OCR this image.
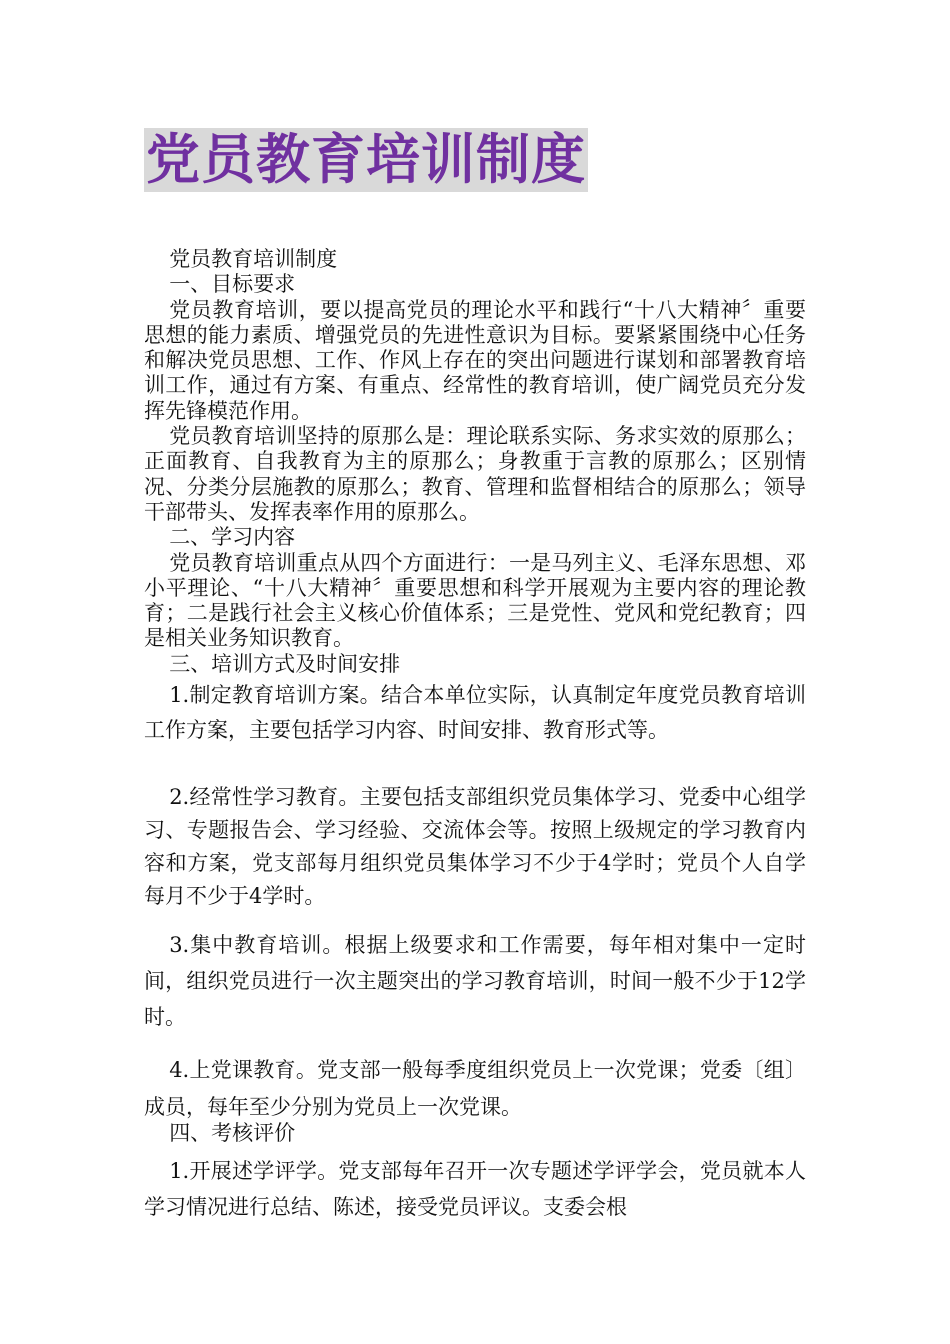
党员教育培训制度

党员教育培训制度

一、目标要求

党员教育培训，要以提高党员的理论水平和践行“十八大精神〞重要思想的能力素质、增强党员的先进性意识为目标。要紧紧围绕中心任务和解决党员思想、工作、作风上存在的突出问题进行谋划和部署教育培训工作，通过有方案、有重点、经常性的教育培训，使广阔党员充分发挥先锋模范作用。

党员教育培训坚持的原那么是：理论联系实际、务求实效的原那么；正面教育、自我教育为主的原那么；身教重于言教的原那么；区别情况、分类分层施教的原那么；教育、管理和监督相结合的原那么；领导干部带头、发挥表率作用的原那么。

二、学习内容

党员教育培训重点从四个方面进行：一是马列主义、毛泽东思想、邓小平理论、“十八大精神〞重要思想和科学开展观为主要内容的理论教育；二是践行社会主义核心价值体系；三是党性、党风和党纪教育；四是相关业务知识教育。

三、培训方式及时间安排

1.制定教育培训方案。结合本单位实际，认真制定年度党员教育培训工作方案，主要包括学习内容、时间安排、教育形式等。

2.经常性学习教育。主要包括支部组织党员集体学习、党委中心组学习、专题报告会、学习经验、交流体会等。按照上级规定的学习教育内容和方案，党支部每月组织党员集体学习不少于4学时；党员个人自学每月不少于4学时。

3.集中教育培训。根据上级要求和工作需要，每年相对集中一定时间，组织党员进行一次主题突出的学习教育培训，时间一般不少于12学时。

4.上党课教育。党支部一般每季度组织党员上一次党课；党委〔组〕成员，每年至少分别为党员上一次党课。

四、考核评价

1.开展述学评学。党支部每年召开一次专题述学评学会，党员就本人学习情况进行总结、陈述，接受党员评议。支委会根
